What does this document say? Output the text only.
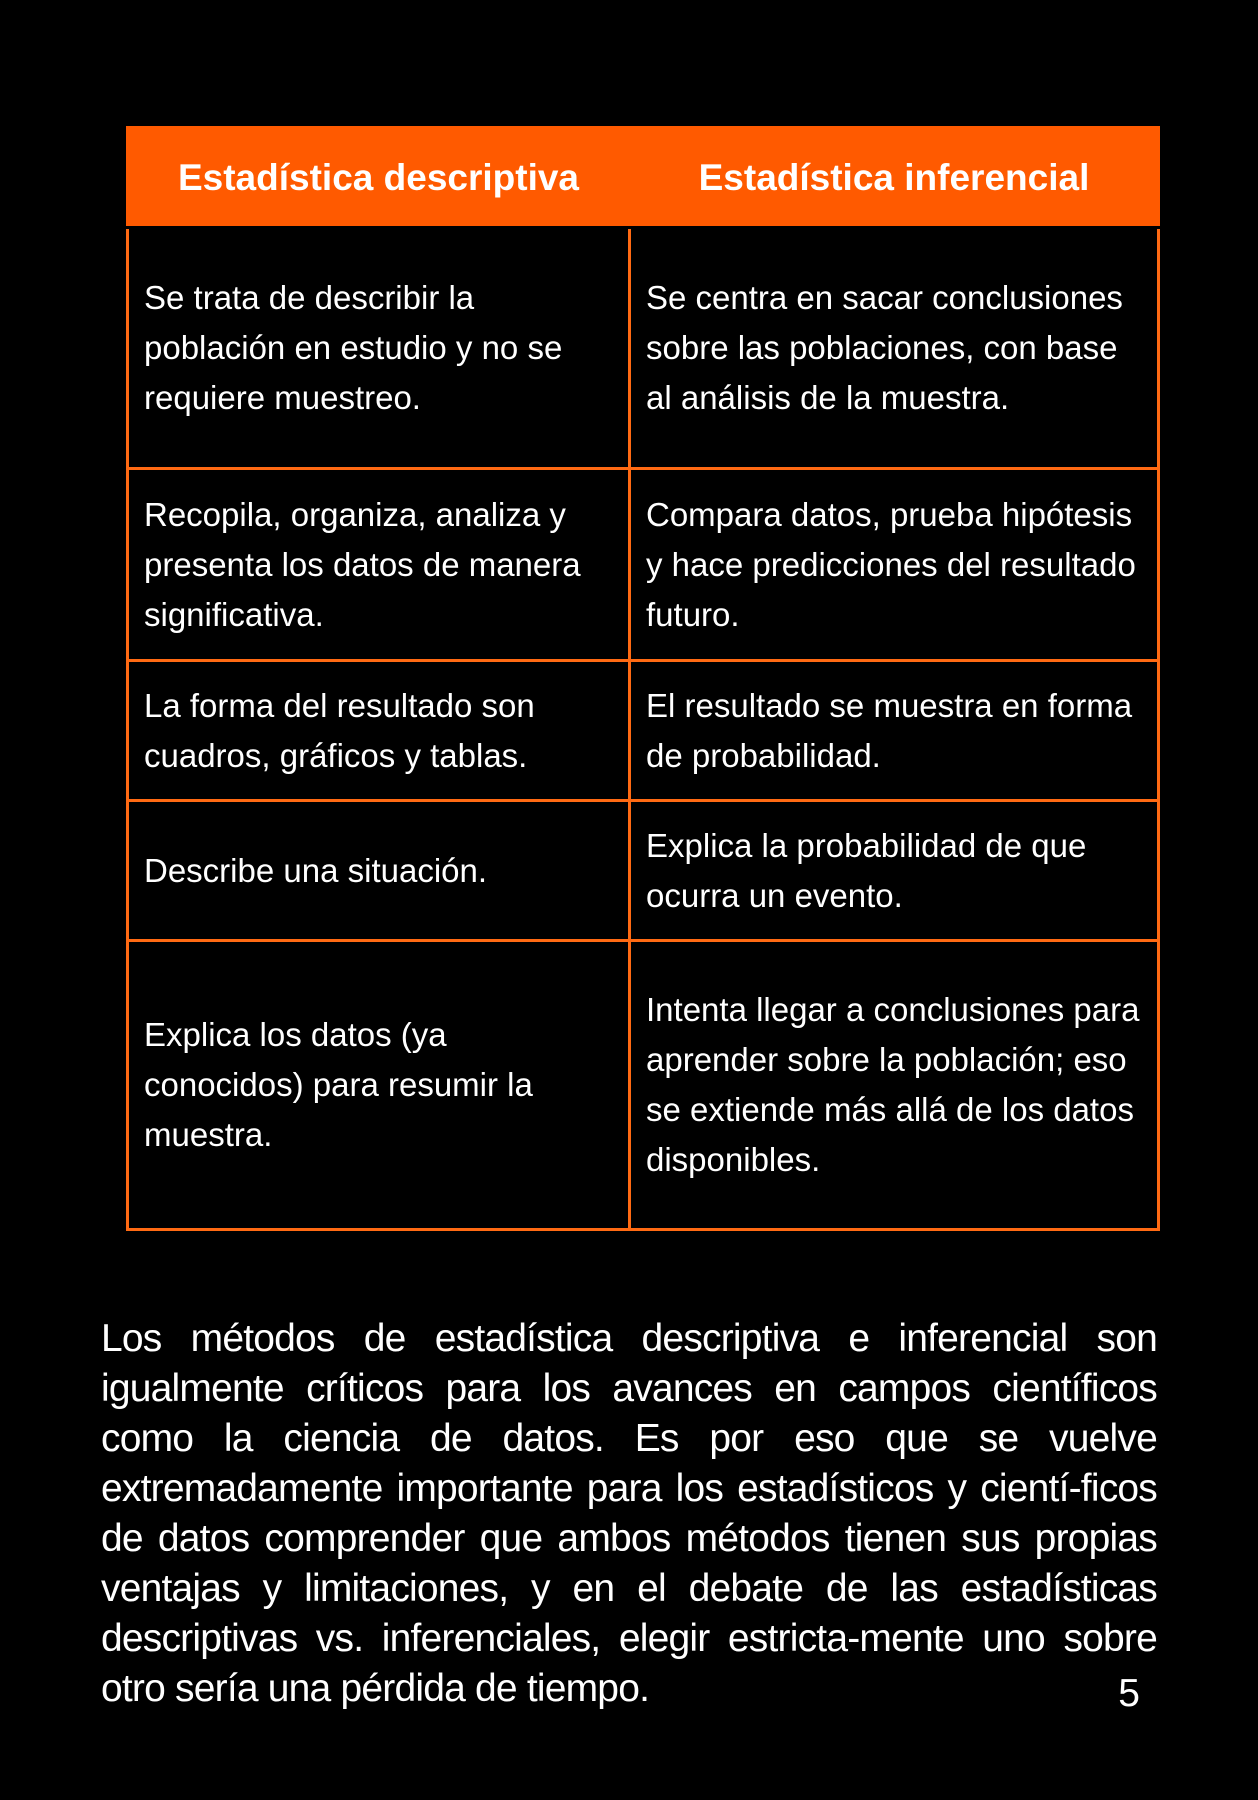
Estadística descriptiva	Estadística inferencial
Se trata de describir la población en estudio y no se requiere muestreo.	Se centra en sacar conclusiones sobre las poblaciones, con base al análisis de la muestra.
Recopila, organiza, analiza y presenta los datos de manera significativa.	Compara datos, prueba hipótesis y hace predicciones del resultado futuro.
La forma del resultado son cuadros, gráficos y tablas.	El resultado se muestra en forma de probabilidad.
Describe una situación.	Explica la probabilidad de que ocurra un evento.
Explica los datos (ya conocidos) para resumir la muestra.	Intenta llegar a conclusiones para aprender sobre la población; eso se extiende más allá de los datos disponibles.

Los métodos de estadística descriptiva e inferencial son igualmente críticos para los avances en campos científicos como la ciencia de datos. Es por eso que se vuelve extremadamente importante para los estadísticos y cientí-ficos de datos comprender que ambos métodos tienen sus propias ventajas y limitaciones, y en el debate de las estadísticas descriptivas vs. inferenciales, elegir estricta-mente uno sobre otro sería una pérdida de tiempo.	5
